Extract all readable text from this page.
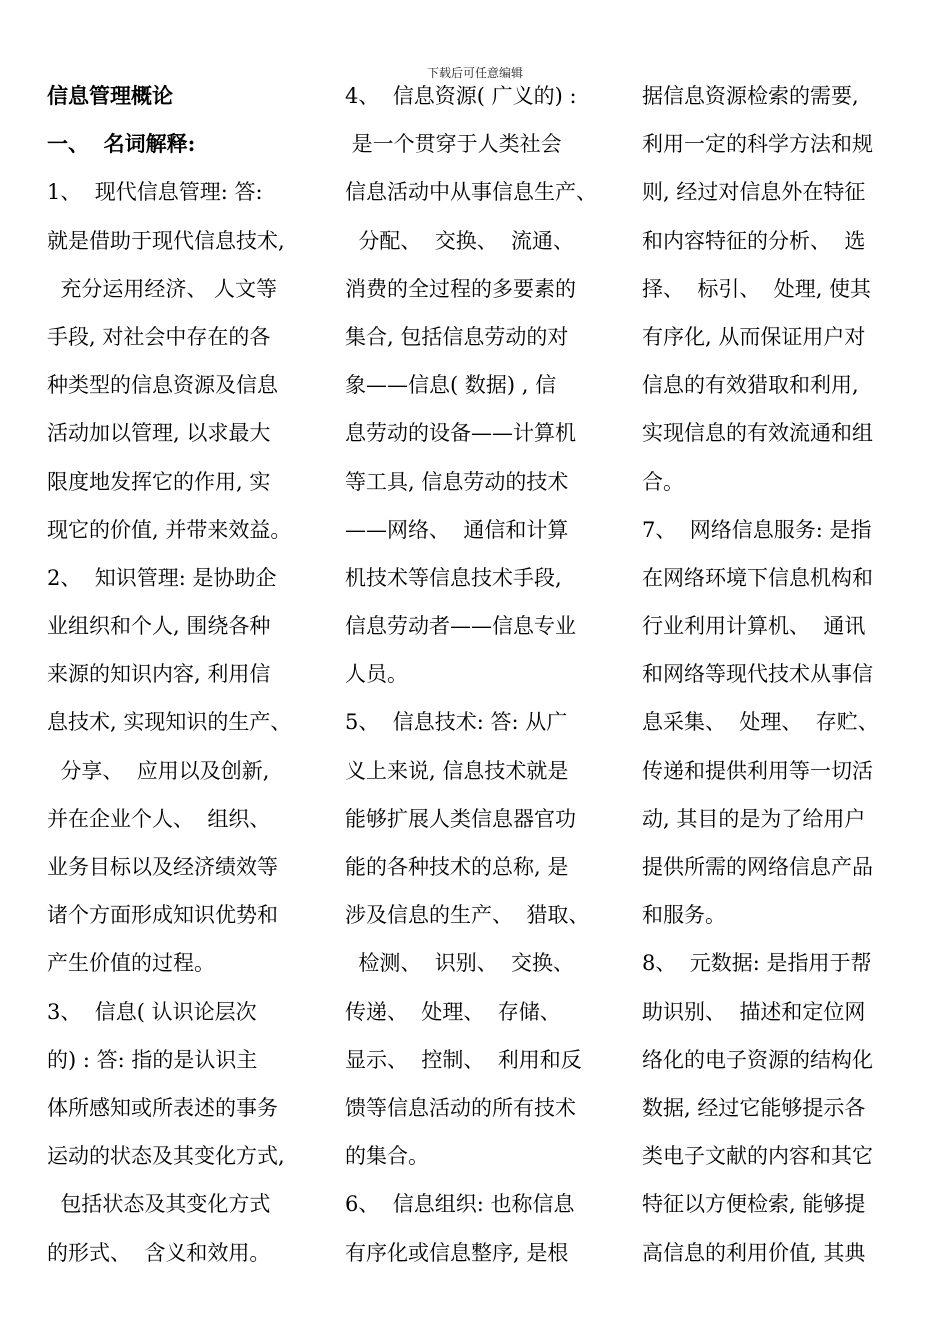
下载后可任意编辑
信息管理概论
一、  名词解释:
1、  现代信息管理: 答:
就是借助于现代信息技术,
充分运用经济、 人文等
手段, 对社会中存在的各
种类型的信息资源及信息
活动加以管理, 以求最大
限度地发挥它的作用, 实
现它的价值, 并带来效益。
2、  知识管理: 是协助企
业组织和个人, 围绕各种
来源的知识内容, 利用信
息技术, 实现知识的生产、
分享、  应用以及创新,
并在企业个人、  组织、
业务目标以及经济绩效等
诸个方面形成知识优势和
产生价值的过程。
3、  信息( 认识论层次
的) : 答: 指的是认识主
体所感知或所表述的事务
运动的状态及其变化方式,
包括状态及其变化方式
的形式、  含义和效用。
4、  信息资源( 广义的) :
是一个贯穿于人类社会
信息活动中从事信息生产、
分配、  交换、  流通、
消费的全过程的多要素的
集合, 包括信息劳动的对
象——信息( 数据) , 信
息劳动的设备——计算机
等工具, 信息劳动的技术
——网络、  通信和计算
机技术等信息技术手段,
信息劳动者——信息专业
人员。
5、  信息技术: 答: 从广
义上来说, 信息技术就是
能够扩展人类信息器官功
能的各种技术的总称, 是
涉及信息的生产、  猎取、
检测、  识别、  交换、
传递、  处理、  存储、
显示、  控制、  利用和反
馈等信息活动的所有技术
的集合。
6、  信息组织: 也称信息
有序化或信息整序, 是根
据信息资源检索的需要,
利用一定的科学方法和规
则, 经过对信息外在特征
和内容特征的分析、  选
择、  标引、  处理, 使其
有序化, 从而保证用户对
信息的有效猎取和利用,
实现信息的有效流通和组
合。
7、  网络信息服务: 是指
在网络环境下信息机构和
行业利用计算机、  通讯
和网络等现代技术从事信
息采集、  处理、  存贮、
传递和提供利用等一切活
动, 其目的是为了给用户
提供所需的网络信息产品
和服务。
8、  元数据: 是指用于帮
助识别、  描述和定位网
络化的电子资源的结构化
数据, 经过它能够提示各
类电子文献的内容和其它
特征以方便检索, 能够提
高信息的利用价值, 其典
